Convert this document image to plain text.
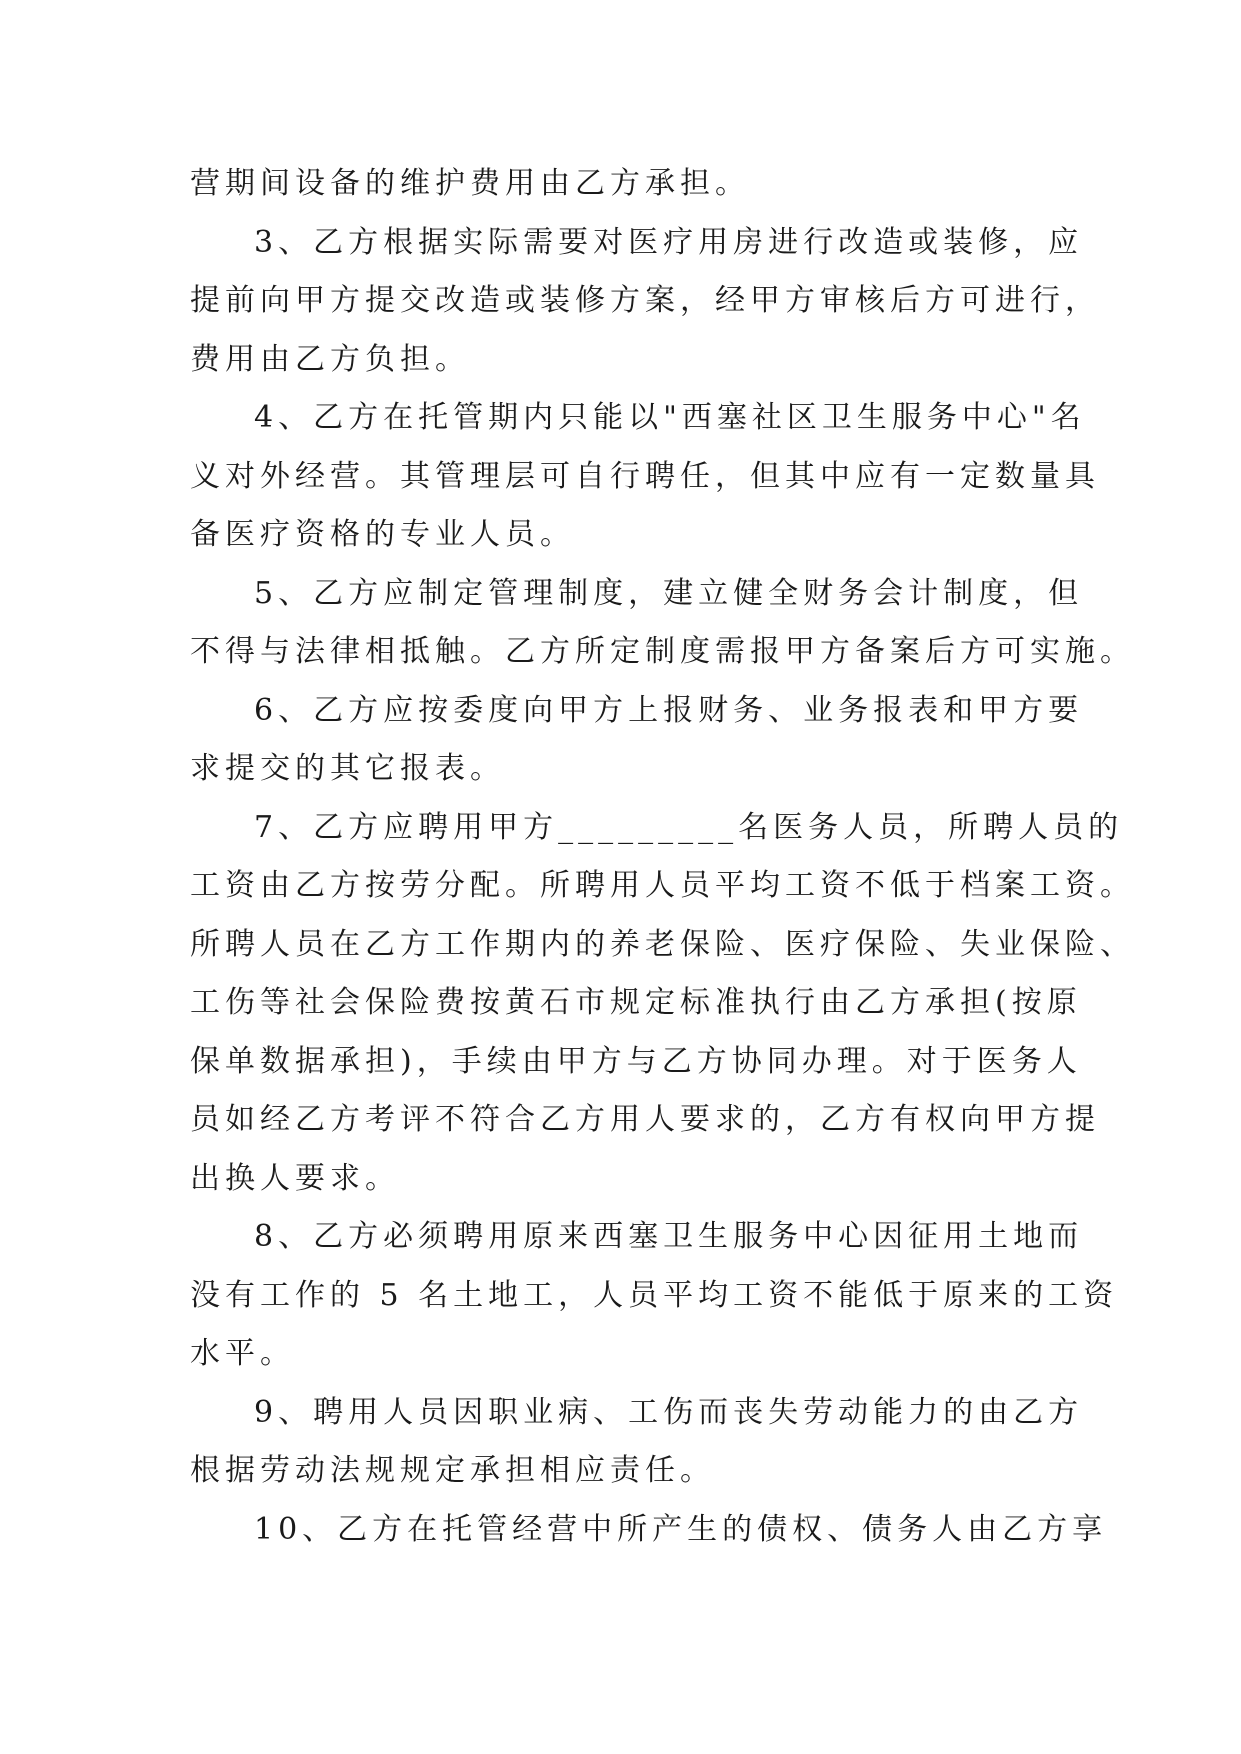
营期间设备的维护费用由乙方承担。
3、乙方根据实际需要对医疗用房进行改造或装修，应
提前向甲方提交改造或装修方案，经甲方审核后方可进行，
费用由乙方负担。
4、乙方在托管期内只能以"西塞社区卫生服务中心"名
义对外经营。其管理层可自行聘任，但其中应有一定数量具
备医疗资格的专业人员。
5、乙方应制定管理制度，建立健全财务会计制度，但
不得与法律相抵触。乙方所定制度需报甲方备案后方可实施。
6、乙方应按委度向甲方上报财务、业务报表和甲方要
求提交的其它报表。
7、乙方应聘用甲方_________名医务人员，所聘人员的
工资由乙方按劳分配。所聘用人员平均工资不低于档案工资。
所聘人员在乙方工作期内的养老保险、医疗保险、失业保险、
工伤等社会保险费按黄石市规定标准执行由乙方承担(按原
保单数据承担)，手续由甲方与乙方协同办理。对于医务人
员如经乙方考评不符合乙方用人要求的，乙方有权向甲方提
出换人要求。
8、乙方必须聘用原来西塞卫生服务中心因征用土地而
没有工作的 5 名土地工，人员平均工资不能低于原来的工资
水平。
9、聘用人员因职业病、工伤而丧失劳动能力的由乙方
根据劳动法规规定承担相应责任。
10、乙方在托管经营中所产生的债权、债务人由乙方享
